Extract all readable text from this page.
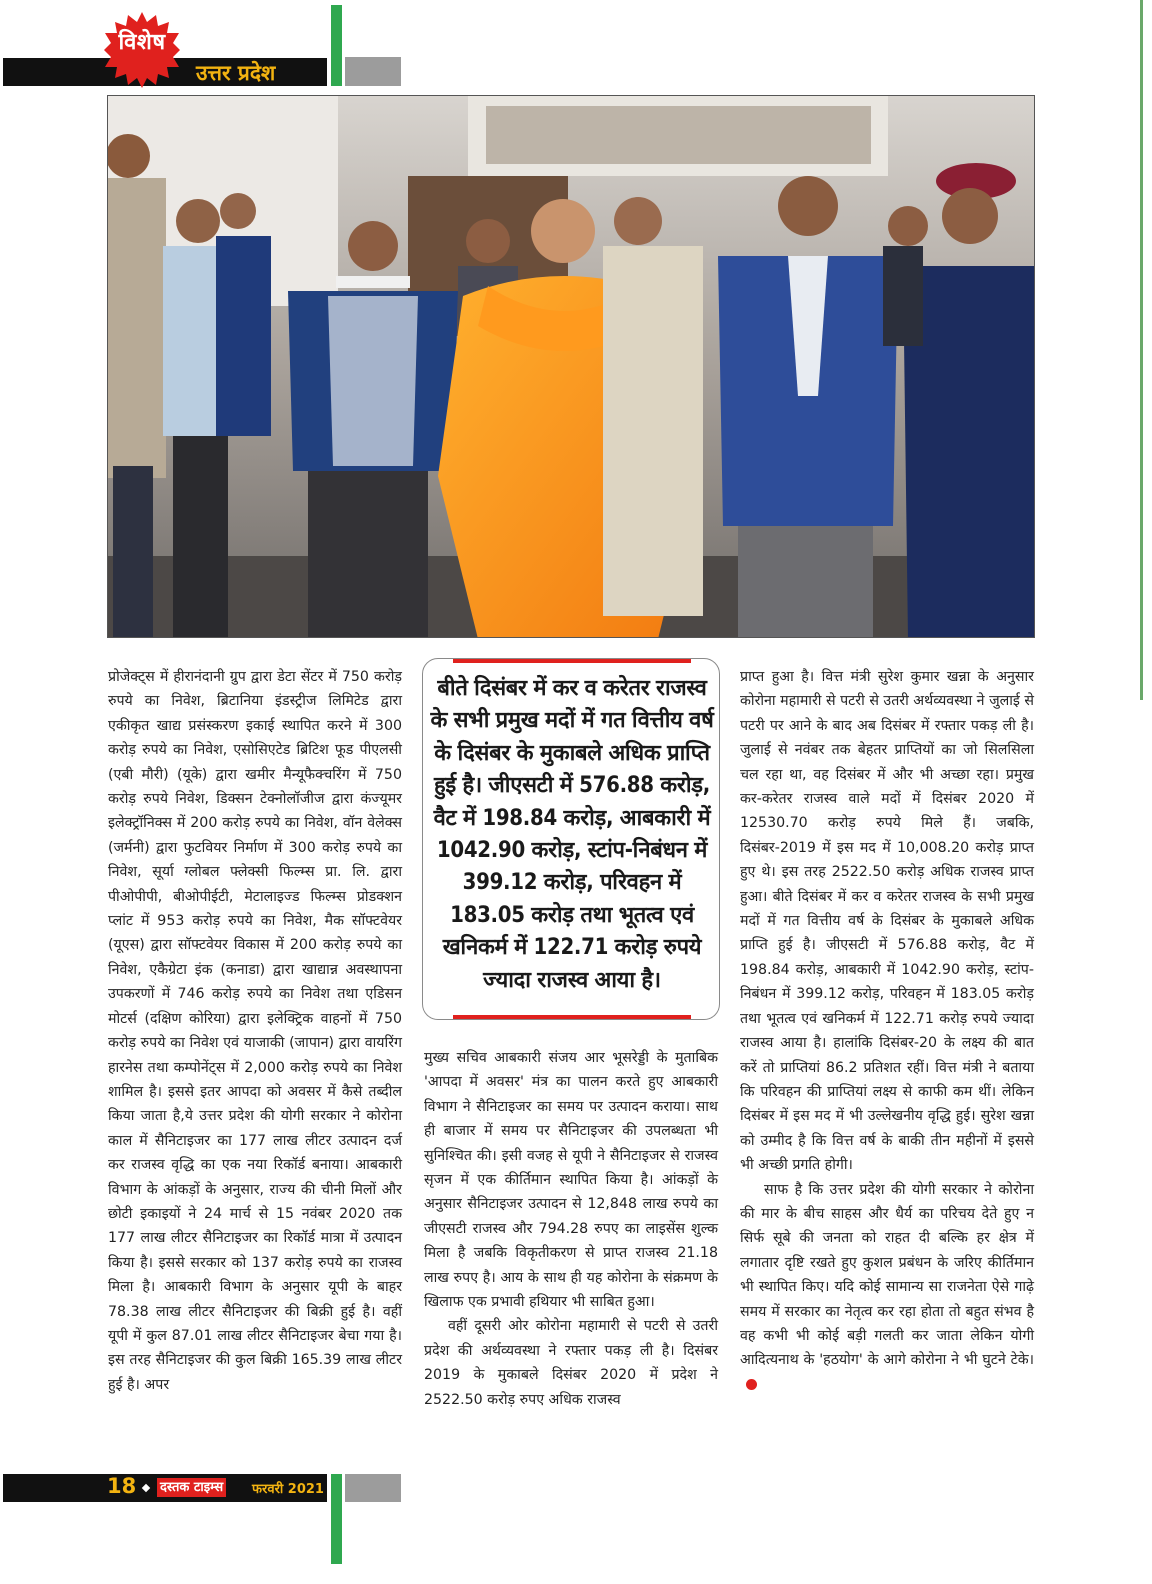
विशेष
उत्तर प्रदेश

प्रोजेक्ट्स में हीरानंदानी ग्रुप द्वारा डेटा सेंटर में 750 करोड़ रुपये का निवेश, ब्रिटानिया इंडस्ट्रीज लिमिटेड द्वारा एकीकृत खाद्य प्रसंस्करण इकाई स्थापित करने में 300 करोड़ रुपये का निवेश, एसोसिएटेड ब्रिटिश फूड पीएलसी (एबी मौरी) (यूके) द्वारा खमीर मैन्यूफैक्चरिंग में 750 करोड़ रुपये निवेश, डिक्सन टेक्नोलॉजीज द्वारा कंज्यूमर इलेक्ट्रॉनिक्स में 200 करोड़ रुपये का निवेश, वॉन वेलेक्स (जर्मनी) द्वारा फुटवियर निर्माण में 300 करोड़ रुपये का निवेश, सूर्या ग्लोबल फ्लेक्सी फिल्म्स प्रा. लि. द्वारा पीओपीपी, बीओपीईटी, मेटालाइज्ड फिल्म्स प्रोडक्शन प्लांट में 953 करोड़ रुपये का निवेश, मैक सॉफ्टवेयर (यूएस) द्वारा सॉफ्टवेयर विकास में 200 करोड़ रुपये का निवेश, एकैग्रेटा इंक (कनाडा) द्वारा खाद्यान्न अवस्थापना उपकरणों में 746 करोड़ रुपये का निवेश तथा एडिसन मोटर्स (दक्षिण कोरिया) द्वारा इलेक्ट्रिक वाहनों में 750 करोड़ रुपये का निवेश एवं याजाकी (जापान) द्वारा वायरिंग हारनेस तथा कम्पोनेंट्स में 2,000 करोड़ रुपये का निवेश शामिल है। इससे इतर आपदा को अवसर में कैसे तब्दील किया जाता है,ये उत्तर प्रदेश की योगी सरकार ने कोरोना काल में सैनिटाइजर का 177 लाख लीटर उत्पादन दर्ज कर राजस्व वृद्धि का एक नया रिकॉर्ड बनाया। आबकारी विभाग के आंकड़ों के अनुसार, राज्य की चीनी मिलों और छोटी इकाइयों ने 24 मार्च से 15 नवंबर 2020 तक 177 लाख लीटर सैनिटाइजर का रिकॉर्ड मात्रा में उत्पादन किया है। इससे सरकार को 137 करोड़ रुपये का राजस्व मिला है। आबकारी विभाग के अनुसार यूपी के बाहर 78.38 लाख लीटर सैनिटाइजर की बिक्री हुई है। वहीं यूपी में कुल 87.01 लाख लीटर सैनिटाइजर बेचा गया है। इस तरह सैनिटाइजर की कुल बिक्री 165.39 लाख लीटर हुई है। अपर

बीते दिसंबर में कर व करेतर राजस्व के सभी प्रमुख मदों में गत वित्तीय वर्ष के दिसंबर के मुकाबले अधिक प्राप्ति हुई है। जीएसटी में 576.88 करोड़, वैट में 198.84 करोड़, आबकारी में 1042.90 करोड़, स्टांप-निबंधन में 399.12 करोड़, परिवहन में 183.05 करोड़ तथा भूतत्व एवं खनिकर्म में 122.71 करोड़ रुपये ज्यादा राजस्व आया है।

मुख्य सचिव आबकारी संजय आर भूसरेड्डी के मुताबिक 'आपदा में अवसर' मंत्र का पालन करते हुए आबकारी विभाग ने सैनिटाइजर का समय पर उत्पादन कराया। साथ ही बाजार में समय पर सैनिटाइजर की उपलब्धता भी सुनिश्चित की। इसी वजह से यूपी ने सैनिटाइजर से राजस्व सृजन में एक कीर्तिमान स्थापित किया है। आंकड़ों के अनुसार सैनिटाइजर उत्पादन से 12,848 लाख रुपये का जीएसटी राजस्व और 794.28 रुपए का लाइसेंस शुल्क मिला है जबकि विकृतीकरण से प्राप्त राजस्व 21.18 लाख रुपए है। आय के साथ ही यह कोरोना के संक्रमण के खिलाफ एक प्रभावी हथियार भी साबित हुआ।

वहीं दूसरी ओर कोरोना महामारी से पटरी से उतरी प्रदेश की अर्थव्यवस्था ने रफ्तार पकड़ ली है। दिसंबर 2019 के मुकाबले दिसंबर 2020 में प्रदेश ने 2522.50 करोड़ रुपए अधिक राजस्व

प्राप्त हुआ है। वित्त मंत्री सुरेश कुमार खन्ना के अनुसार कोरोना महामारी से पटरी से उतरी अर्थव्यवस्था ने जुलाई से पटरी पर आने के बाद अब दिसंबर में रफ्तार पकड़ ली है। जुलाई से नवंबर तक बेहतर प्राप्तियों का जो सिलसिला चल रहा था, वह दिसंबर में और भी अच्छा रहा। प्रमुख कर-करेतर राजस्व वाले मदों में दिसंबर 2020 में 12530.70 करोड़ रुपये मिले हैं। जबकि, दिसंबर-2019 में इस मद में 10,008.20 करोड़ प्राप्त हुए थे। इस तरह 2522.50 करोड़ अधिक राजस्व प्राप्त हुआ। बीते दिसंबर में कर व करेतर राजस्व के सभी प्रमुख मदों में गत वित्तीय वर्ष के दिसंबर के मुकाबले अधिक प्राप्ति हुई है। जीएसटी में 576.88 करोड़, वैट में 198.84 करोड़, आबकारी में 1042.90 करोड़, स्टांप-निबंधन में 399.12 करोड़, परिवहन में 183.05 करोड़ तथा भूतत्व एवं खनिकर्म में 122.71 करोड़ रुपये ज्यादा राजस्व आया है। हालांकि दिसंबर-20 के लक्ष्य की बात करें तो प्राप्तियां 86.2 प्रतिशत रहीं। वित्त मंत्री ने बताया कि परिवहन की प्राप्तियां लक्ष्य से काफी कम थीं। लेकिन दिसंबर में इस मद में भी उल्लेखनीय वृद्धि हुई। सुरेश खन्ना को उम्मीद है कि वित्त वर्ष के बाकी तीन महीनों में इससे भी अच्छी प्रगति होगी।

साफ है कि उत्तर प्रदेश की योगी सरकार ने कोरोना की मार के बीच साहस और धैर्य का परिचय देते हुए न सिर्फ सूबे की जनता को राहत दी बल्कि हर क्षेत्र में लगातार दृष्टि रखते हुए कुशल प्रबंधन के जरिए कीर्तिमान भी स्थापित किए। यदि कोई सामान्य सा राजनेता ऐसे गाढ़े समय में सरकार का नेतृत्व कर रहा होता तो बहुत संभव है वह कभी भी कोई बड़ी गलती कर जाता लेकिन योगी आदित्यनाथ के 'हठयोग' के आगे कोरोना ने भी घुटने टेके।

18 दस्तक टाइम्स फरवरी 2021
